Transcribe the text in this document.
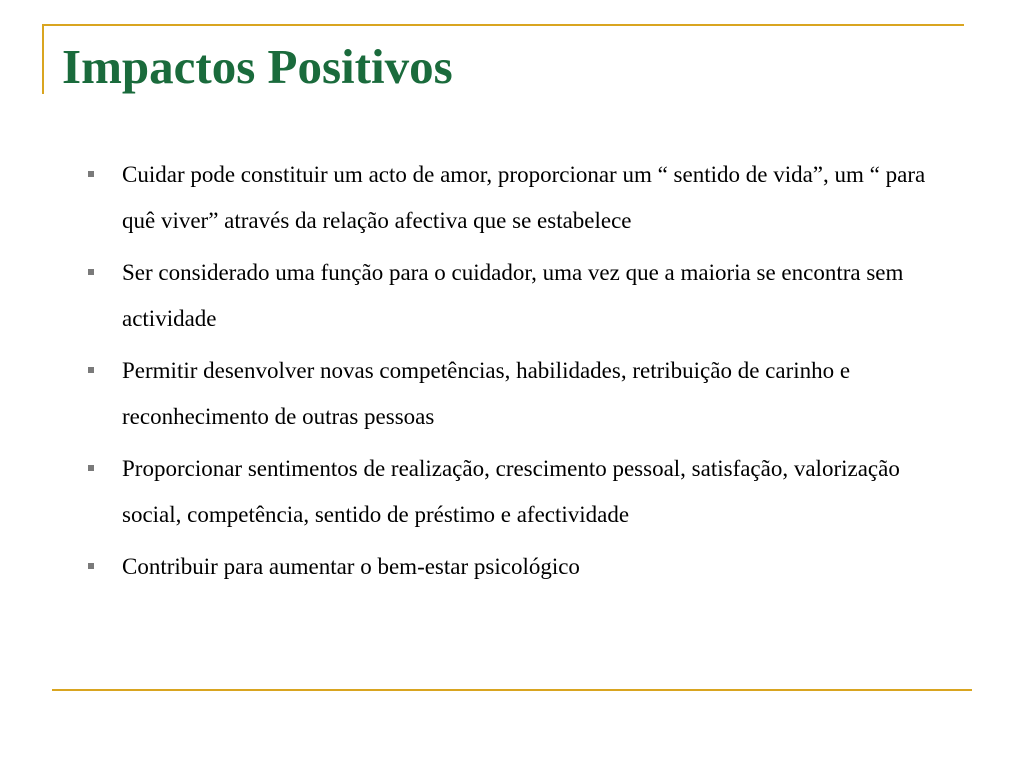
Impactos Positivos
Cuidar pode constituir um acto de amor, proporcionar um “ sentido de vida”, um “ para quê viver” através da relação afectiva que se estabelece
Ser considerado uma função para o cuidador, uma vez que a maioria se encontra sem actividade
Permitir desenvolver novas competências, habilidades, retribuição de carinho e reconhecimento de outras pessoas
Proporcionar sentimentos de realização, crescimento pessoal, satisfação, valorização social, competência, sentido de préstimo e afectividade
Contribuir para aumentar o bem-estar psicológico
